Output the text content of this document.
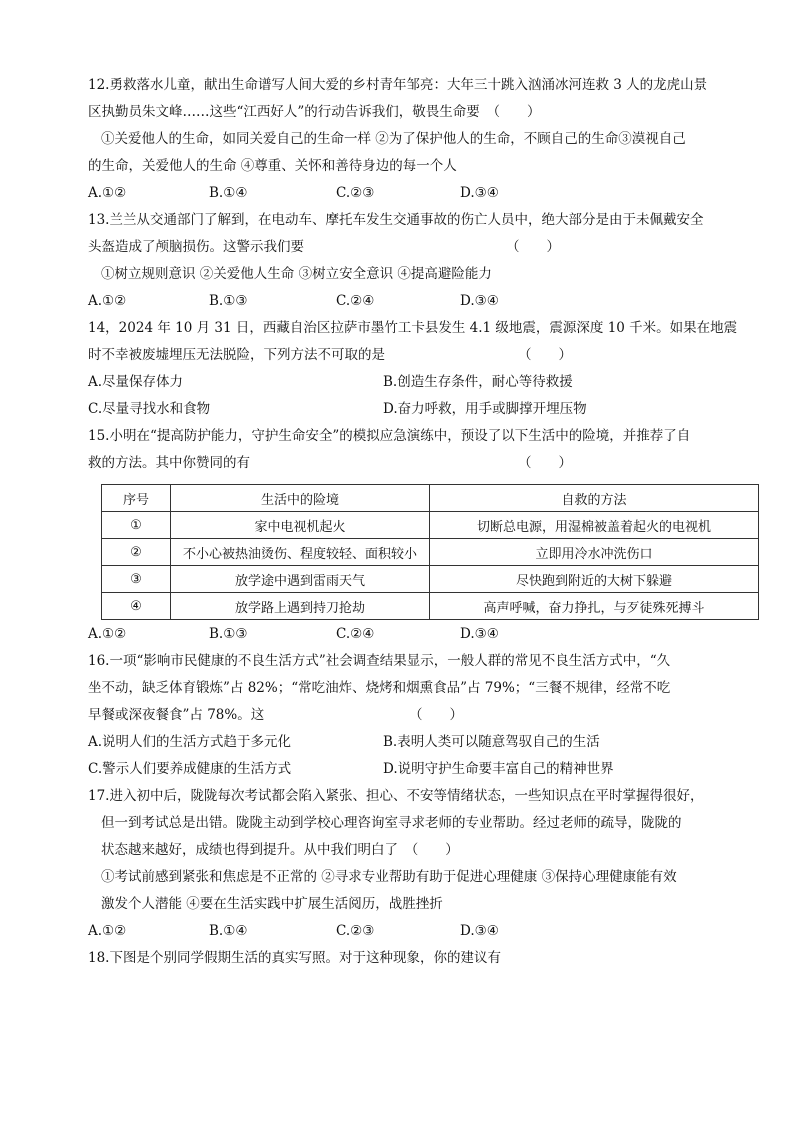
12.勇救落水儿童，献出生命谱写人间大爱的乡村青年邹亮：大年三十跳入汹涌冰河连救 3 人的龙虎山景
区执勤员朱文峰……这些“江西好人”的行动告诉我们，敬畏生命要　（　　）
①关爱他人的生命，如同关爱自己的生命一样 ②为了保护他人的生命，不顾自己的生命③漠视自己
的生命，关爱他人的生命 ④尊重、关怀和善待身边的每一个人
A.①②	B.①④	C.②③	D.③④
13.兰兰从交通部门了解到，在电动车、摩托车发生交通事故的伤亡人员中，绝大部分是由于未佩戴安全
头盔造成了颅脑损伤。这警示我们要	（　　）
①树立规则意识 ②关爱他人生命 ③树立安全意识 ④提高避险能力
A.①②	B.①③	C.②④	D.③④
14，2024 年 10 月 31 日，西藏自治区拉萨市墨竹工卡县发生 4.1 级地震，震源深度 10 千米。如果在地震
时不幸被废墟埋压无法脱险，下列方法不可取的是	（　　）
A.尽量保存体力	B.创造生存条件，耐心等待救援
C.尽量寻找水和食物	D.奋力呼救，用手或脚撑开埋压物
15.小明在“提高防护能力，守护生命安全”的模拟应急演练中，预设了以下生活中的险境，并推荐了自
救的方法。其中你赞同的有	（　　）
序号	生活中的险境	自救的方法
①	家中电视机起火	切断总电源，用湿棉被盖着起火的电视机
②	不小心被热油烫伤、程度较轻、面积较小	立即用冷水冲洗伤口
③	放学途中遇到雷雨天气	尽快跑到附近的大树下躲避
④	放学路上遇到持刀抢劫	高声呼喊，奋力挣扎，与歹徒殊死搏斗
A.①②	B.①③	C.②④	D.③④
16.一项“影响市民健康的不良生活方式”社会调查结果显示，一般人群的常见不良生活方式中，“久
坐不动，缺乏体育锻炼”占 82%；“常吃油炸、烧烤和烟熏食品”占 79%；“三餐不规律，经常不吃
早餐或深夜餐食”占 78%。这	（　　）
A.说明人们的生活方式趋于多元化	B.表明人类可以随意驾驭自己的生活
C.警示人们要养成健康的生活方式	D.说明守护生命要丰富自己的精神世界
17.进入初中后，陇陇每次考试都会陷入紧张、担心、不安等情绪状态，一些知识点在平时掌握得很好，
但一到考试总是出错。陇陇主动到学校心理咨询室寻求老师的专业帮助。经过老师的疏导，陇陇的
状态越来越好，成绩也得到提升。从中我们明白了　（　　）
①考试前感到紧张和焦虑是不正常的 ②寻求专业帮助有助于促进心理健康 ③保持心理健康能有效
激发个人潜能 ④要在生活实践中扩展生活阅历，战胜挫折
A.①②	B.①④	C.②③	D.③④
18.下图是个别同学假期生活的真实写照。对于这种现象，你的建议有
